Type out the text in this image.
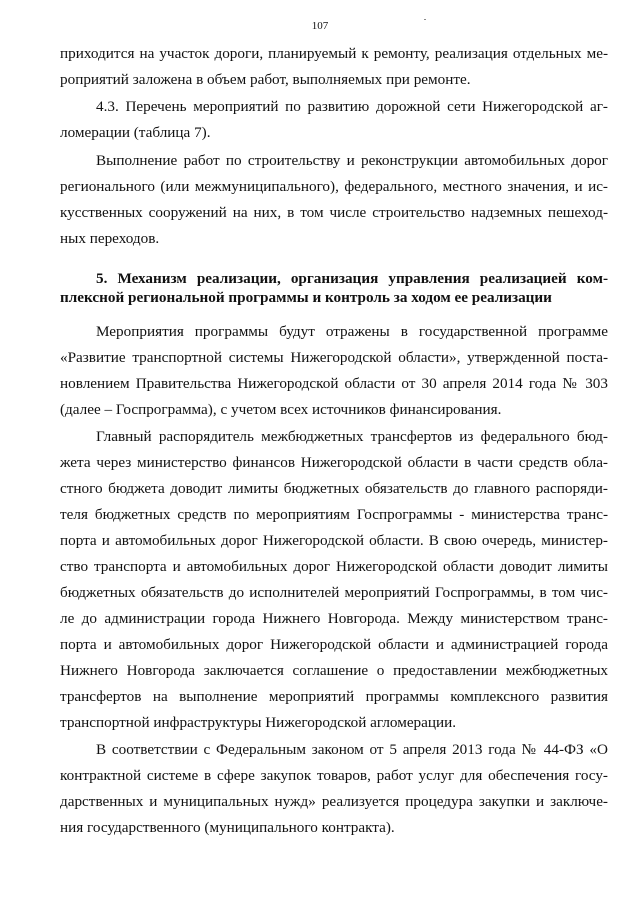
107
приходится на участок дороги, планируемый к ремонту, реализация отдельных ме-
роприятий заложена в объем работ, выполняемых при ремонте.
4.3. Перечень мероприятий по развитию дорожной сети Нижегородской аг-
ломерации (таблица 7).
Выполнение работ по строительству и реконструкции автомобильных дорог
регионального (или межмуниципального), федерального, местного значения, и ис-
кусственных сооружений на них, в том числе строительство надземных пешеход-
ных переходов.
5. Механизм реализации, организация управления реализацией ком-
плексной региональной программы и контроль за ходом ее реализации
Мероприятия программы будут отражены в государственной программе
«Развитие транспортной системы Нижегородской области», утвержденной поста-
новлением Правительства Нижегородской области от 30 апреля 2014 года № 303
(далее – Госпрограмма), с учетом всех источников финансирования.
Главный распорядитель межбюджетных трансфертов из федерального бюд-
жета через министерство финансов Нижегородской области в части средств обла-
стного бюджета доводит лимиты бюджетных обязательств до главного распоряди-
теля бюджетных средств по мероприятиям Госпрограммы - министерства транс-
порта и автомобильных дорог Нижегородской области. В свою очередь, министер-
ство транспорта и автомобильных дорог Нижегородской области доводит лимиты
бюджетных обязательств до исполнителей мероприятий Госпрограммы, в том чис-
ле до администрации города Нижнего Новгорода. Между министерством транс-
порта и автомобильных дорог Нижегородской области и администрацией города
Нижнего Новгорода заключается соглашение о предоставлении межбюджетных
трансфертов на выполнение мероприятий программы комплексного развития
транспортной инфраструктуры Нижегородской агломерации.
В соответствии с Федеральным законом от 5 апреля 2013 года № 44-ФЗ «О
контрактной системе в сфере закупок товаров, работ услуг для обеспечения госу-
дарственных и муниципальных нужд» реализуется процедура закупки и заключе-
ния государственного (муниципального контракта).
